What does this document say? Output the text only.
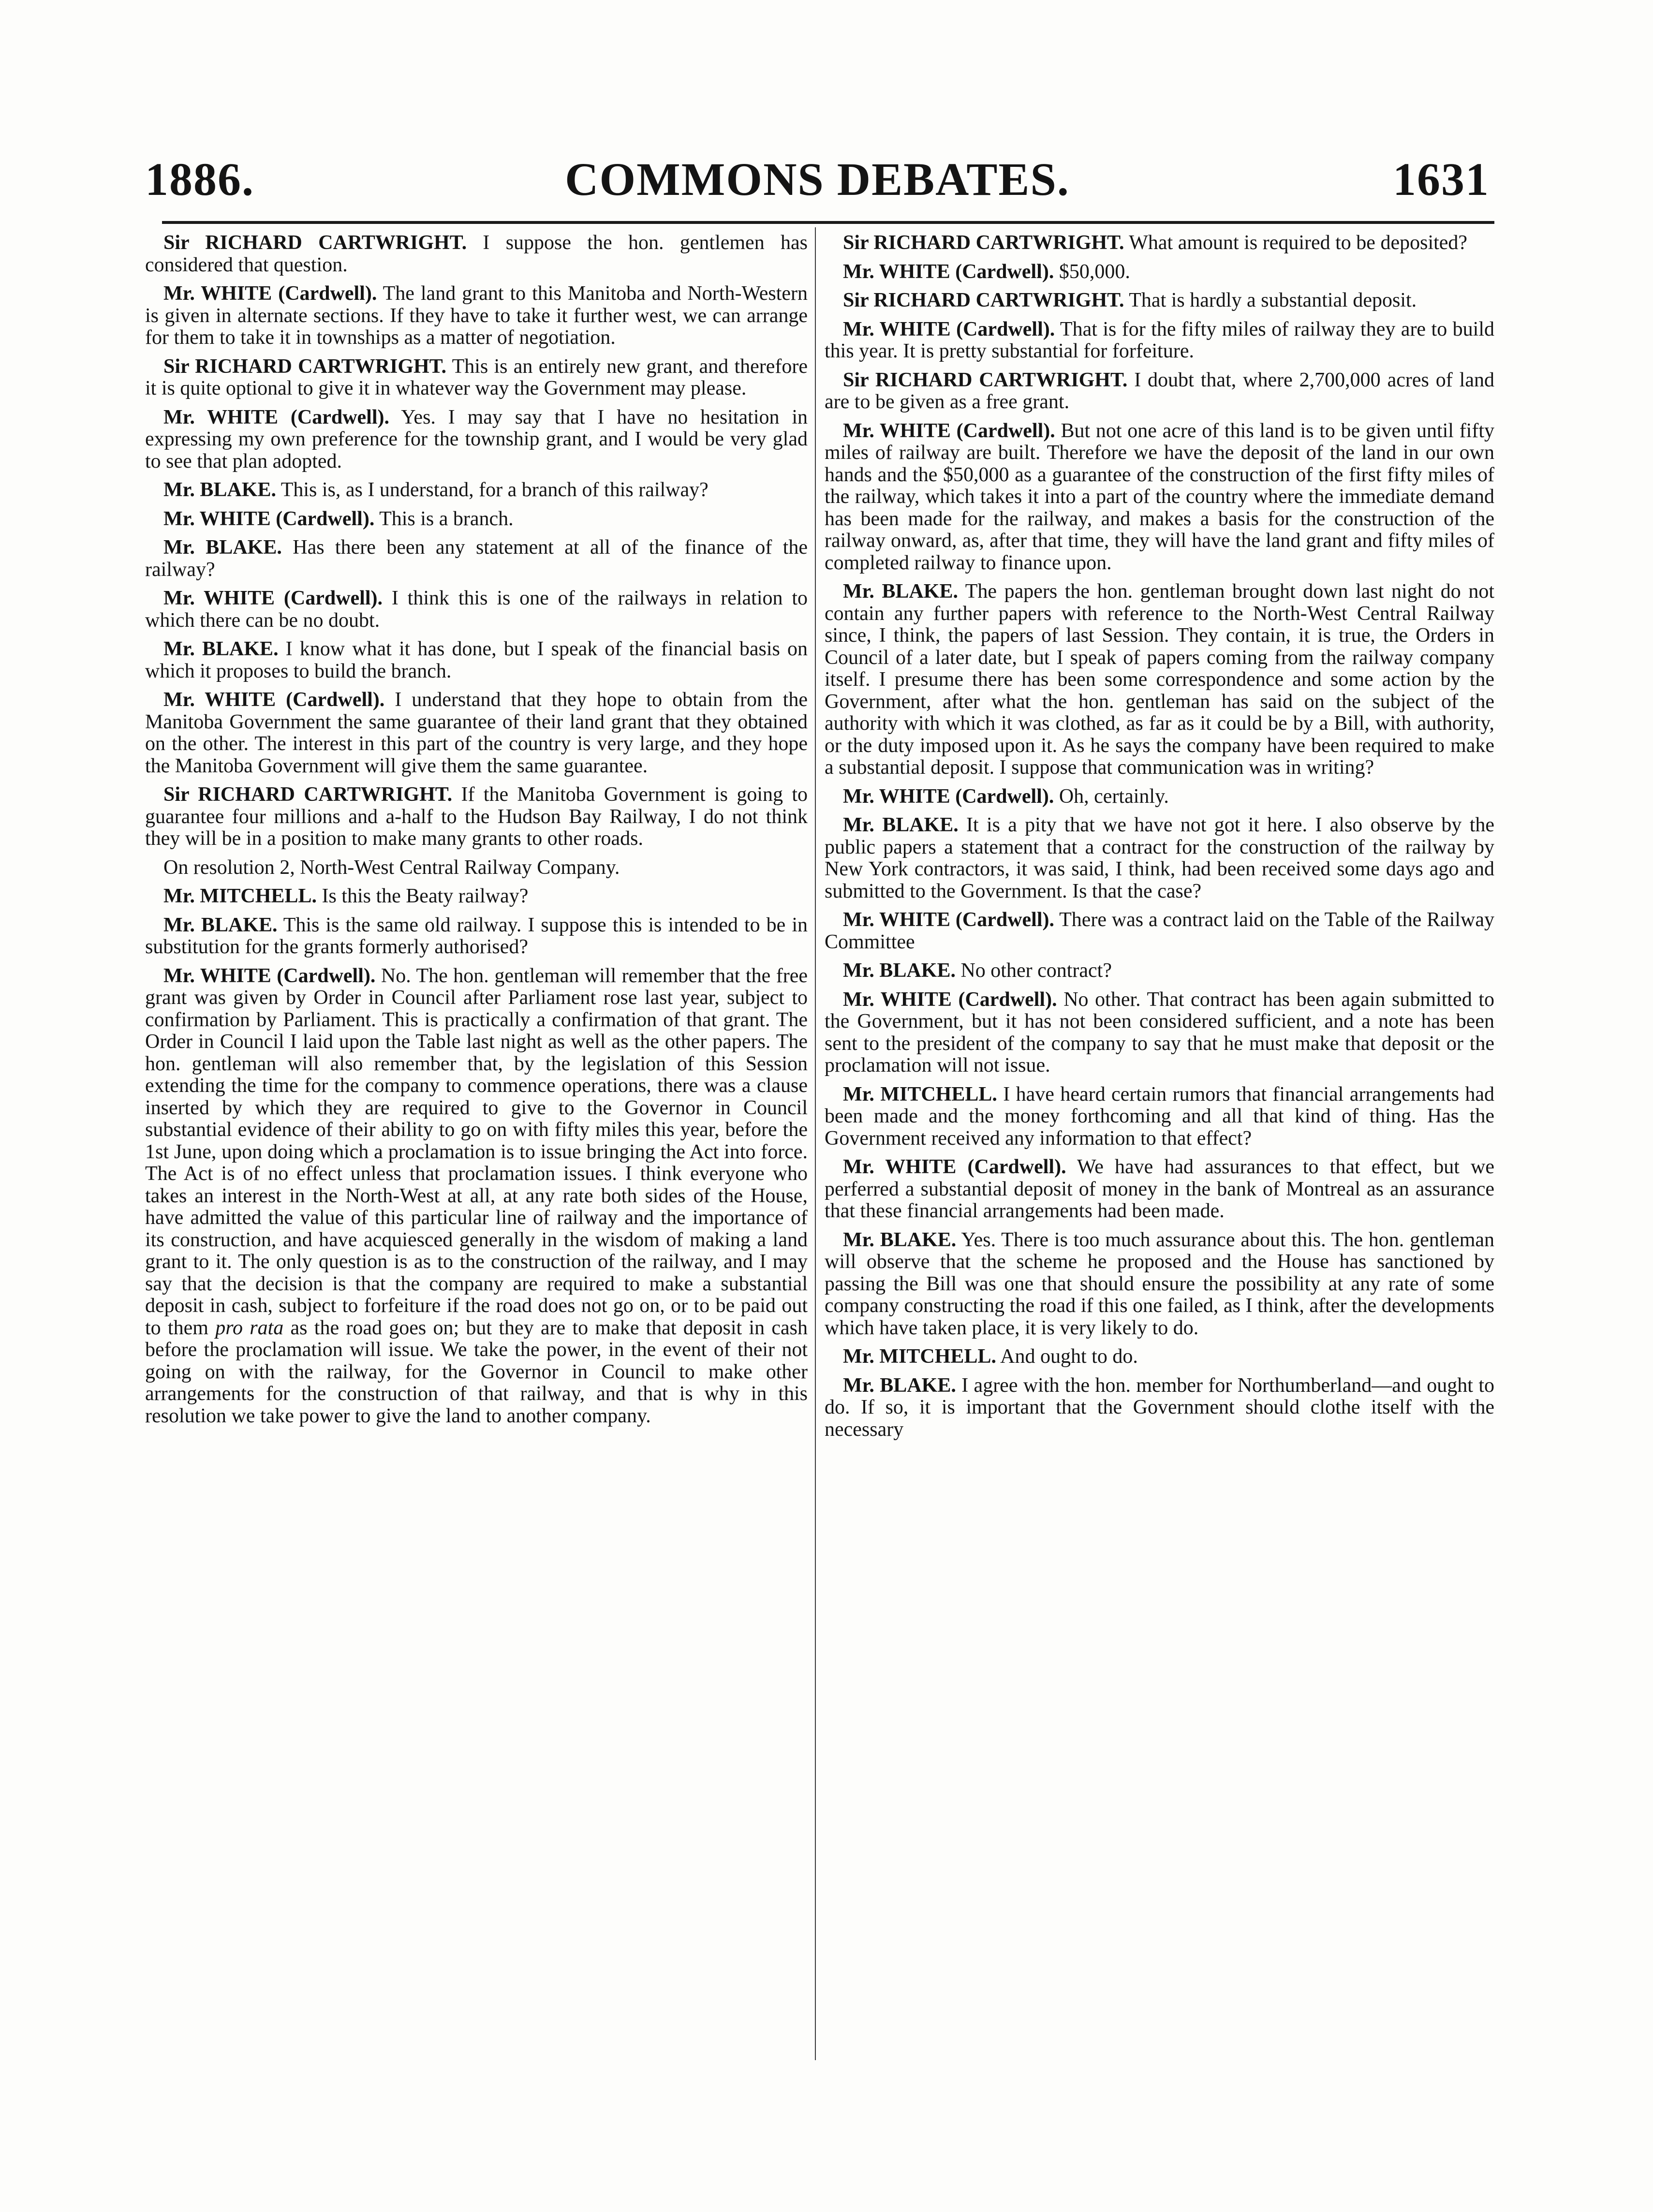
1886.	COMMONS DEBATES.	1631

Sir RICHARD CARTWRIGHT. I suppose the hon. gentlemen has considered that question.

Mr. WHITE (Cardwell). The land grant to this Manitoba and North-Western is given in alternate sections. If they have to take it further west, we can arrange for them to take it in townships as a matter of negotiation.

Sir RICHARD CARTWRIGHT. This is an entirely new grant, and therefore it is quite optional to give it in whatever way the Government may please.

Mr. WHITE (Cardwell). Yes. I may say that I have no hesitation in expressing my own preference for the township grant, and I would be very glad to see that plan adopted.

Mr. BLAKE. This is, as I understand, for a branch of this railway?

Mr. WHITE (Cardwell). This is a branch.

Mr. BLAKE. Has there been any statement at all of the finance of the railway?

Mr. WHITE (Cardwell). I think this is one of the railways in relation to which there can be no doubt.

Mr. BLAKE. I know what it has done, but I speak of the financial basis on which it proposes to build the branch.

Mr. WHITE (Cardwell). I understand that they hope to obtain from the Manitoba Government the same guarantee of their land grant that they obtained on the other. The interest in this part of the country is very large, and they hope the Manitoba Government will give them the same guarantee.

Sir RICHARD CARTWRIGHT. If the Manitoba Government is going to guarantee four millions and a-half to the Hudson Bay Railway, I do not think they will be in a position to make many grants to other roads.

On resolution 2, North-West Central Railway Company.

Mr. MITCHELL. Is this the Beaty railway?

Mr. BLAKE. This is the same old railway. I suppose this is intended to be in substitution for the grants formerly authorised?

Mr. WHITE (Cardwell). No. The hon. gentleman will remember that the free grant was given by Order in Council after Parliament rose last year, subject to confirmation by Parliament. This is practically a confirmation of that grant. The Order in Council I laid upon the Table last night as well as the other papers. The hon. gentleman will also remember that, by the legislation of this Session extending the time for the company to commence operations, there was a clause inserted by which they are required to give to the Governor in Council substantial evidence of their ability to go on with fifty miles this year, before the 1st June, upon doing which a proclamation is to issue bringing the Act into force. The Act is of no effect unless that proclamation issues. I think everyone who takes an interest in the North-West at all, at any rate both sides of the House, have admitted the value of this particular line of railway and the importance of its construction, and have acquiesced generally in the wisdom of making a land grant to it. The only question is as to the construction of the railway, and I may say that the decision is that the company are required to make a substantial deposit in cash, subject to forfeiture if the road does not go on, or to be paid out to them pro rata as the road goes on; but they are to make that deposit in cash before the proclamation will issue. We take the power, in the event of their not going on with the railway, for the Governor in Council to make other arrangements for the construction of that railway, and that is why in this resolution we take power to give the land to another company.

Sir RICHARD CARTWRIGHT. What amount is required to be deposited?

Mr. WHITE (Cardwell). $50,000.

Sir RICHARD CARTWRIGHT. That is hardly a substantial deposit.

Mr. WHITE (Cardwell). That is for the fifty miles of railway they are to build this year. It is pretty substantial for forfeiture.

Sir RICHARD CARTWRIGHT. I doubt that, where 2,700,000 acres of land are to be given as a free grant.

Mr. WHITE (Cardwell). But not one acre of this land is to be given until fifty miles of railway are built. Therefore we have the deposit of the land in our own hands and the $50,000 as a guarantee of the construction of the first fifty miles of the railway, which takes it into a part of the country where the immediate demand has been made for the railway, and makes a basis for the construction of the railway onward, as, after that time, they will have the land grant and fifty miles of completed railway to finance upon.

Mr. BLAKE. The papers the hon. gentleman brought down last night do not contain any further papers with reference to the North-West Central Railway since, I think, the papers of last Session. They contain, it is true, the Orders in Council of a later date, but I speak of papers coming from the railway company itself. I presume there has been some correspondence and some action by the Government, after what the hon. gentleman has said on the subject of the authority with which it was clothed, as far as it could be by a Bill, with authority, or the duty imposed upon it. As he says the company have been required to make a substantial deposit. I suppose that communication was in writing?

Mr. WHITE (Cardwell). Oh, certainly.

Mr. BLAKE. It is a pity that we have not got it here. I also observe by the public papers a statement that a contract for the construction of the railway by New York contractors, it was said, I think, had been received some days ago and submitted to the Government. Is that the case?

Mr. WHITE (Cardwell). There was a contract laid on the Table of the Railway Committee

Mr. BLAKE. No other contract?

Mr. WHITE (Cardwell). No other. That contract has been again submitted to the Government, but it has not been considered sufficient, and a note has been sent to the president of the company to say that he must make that deposit or the proclamation will not issue.

Mr. MITCHELL. I have heard certain rumors that financial arrangements had been made and the money forthcoming and all that kind of thing. Has the Government received any information to that effect?

Mr. WHITE (Cardwell). We have had assurances to that effect, but we perferred a substantial deposit of money in the bank of Montreal as an assurance that these financial arrangements had been made.

Mr. BLAKE. Yes. There is too much assurance about this. The hon. gentleman will observe that the scheme he proposed and the House has sanctioned by passing the Bill was one that should ensure the possibility at any rate of some company constructing the road if this one failed, as I think, after the developments which have taken place, it is very likely to do.

Mr. MITCHELL. And ought to do.

Mr. BLAKE. I agree with the hon. member for Northumberland—and ought to do. If so, it is important that the Government should clothe itself with the necessary
